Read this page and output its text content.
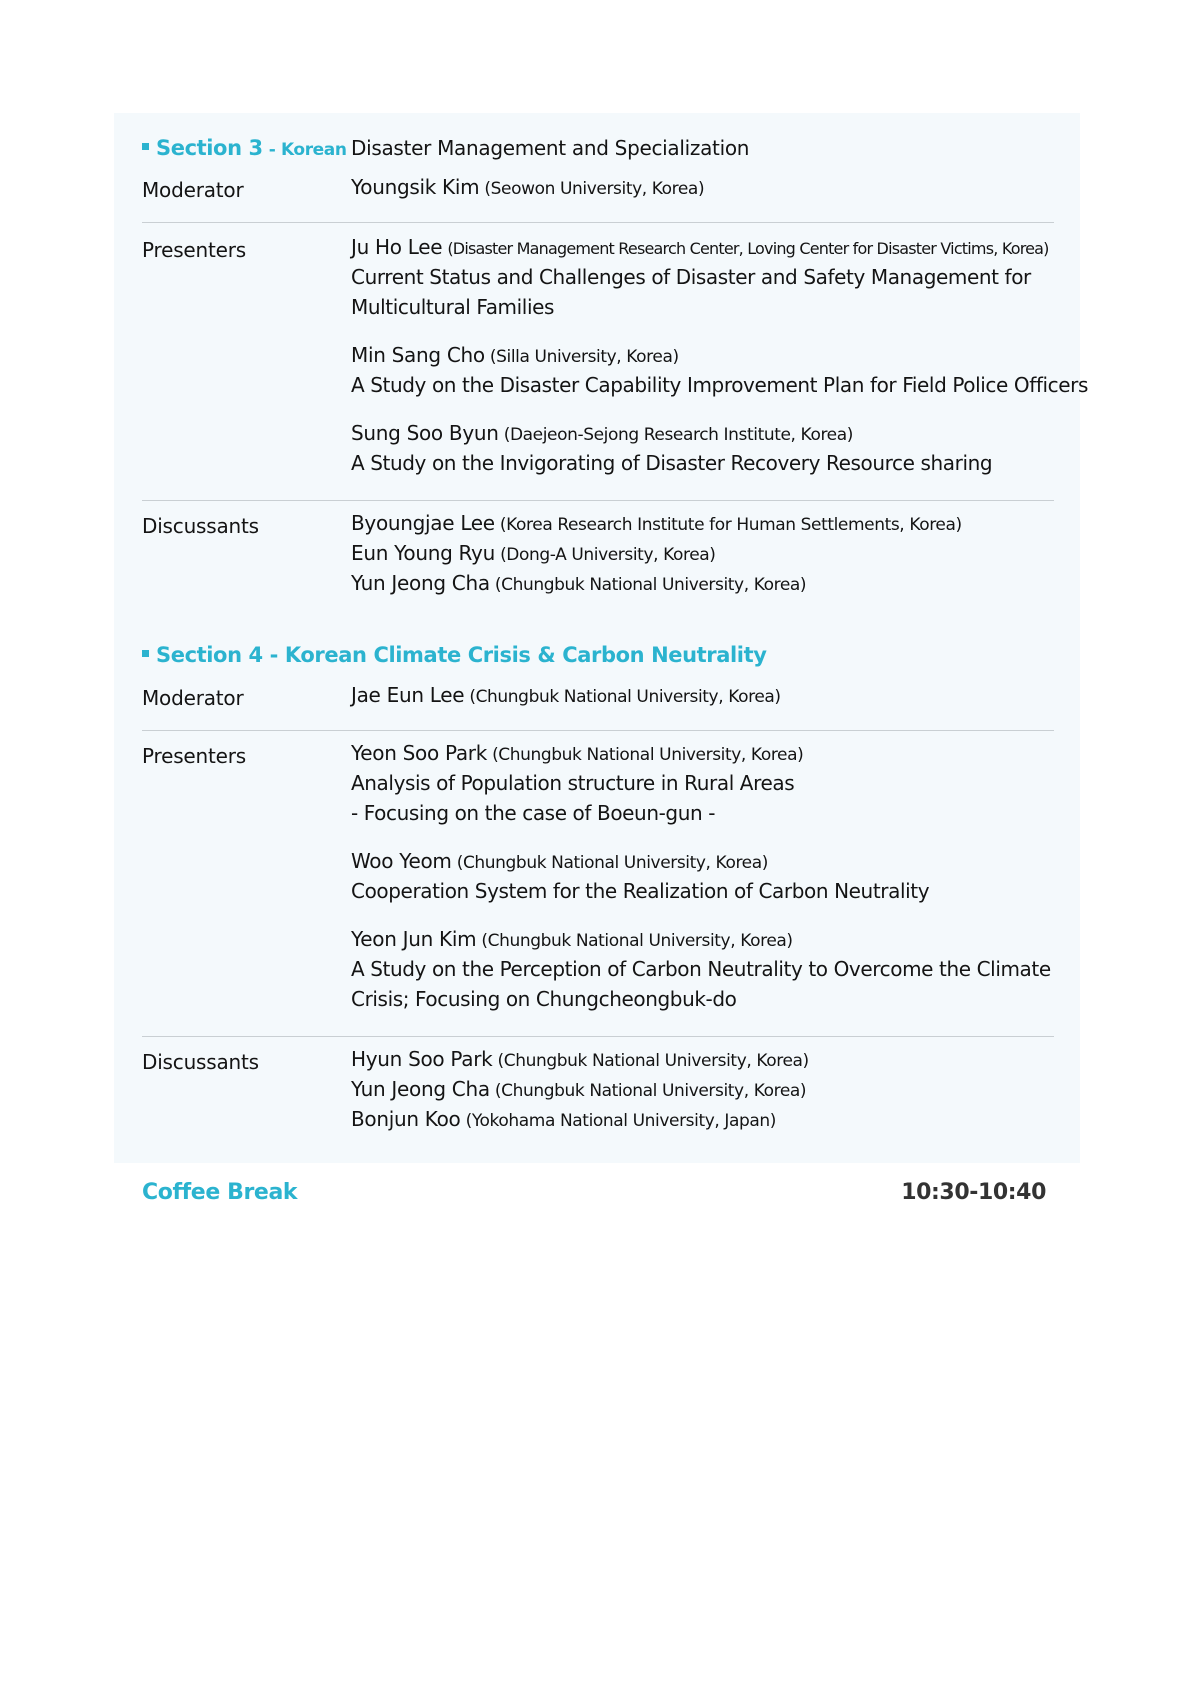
Section 3 - Korean Disaster Management and Specialization
Moderator	Youngsik Kim (Seowon University, Korea)
Presenters	Ju Ho Lee (Disaster Management Research Center, Loving Center for Disaster Victims, Korea)
Current Status and Challenges of Disaster and Safety Management for
Multicultural Families
Min Sang Cho (Silla University, Korea)
A Study on the Disaster Capability Improvement Plan for Field Police Officers
Sung Soo Byun (Daejeon-Sejong Research Institute, Korea)
A Study on the Invigorating of Disaster Recovery Resource sharing
Discussants	Byoungjae Lee (Korea Research Institute for Human Settlements, Korea)
Eun Young Ryu (Dong-A University, Korea)
Yun Jeong Cha (Chungbuk National University, Korea)
Section 4 - Korean Climate Crisis & Carbon Neutrality
Moderator	Jae Eun Lee (Chungbuk National University, Korea)
Presenters	Yeon Soo Park (Chungbuk National University, Korea)
Analysis of Population structure in Rural Areas
- Focusing on the case of Boeun-gun -
Woo Yeom (Chungbuk National University, Korea)
Cooperation System for the Realization of Carbon Neutrality
Yeon Jun Kim (Chungbuk National University, Korea)
A Study on the Perception of Carbon Neutrality to Overcome the Climate
Crisis; Focusing on Chungcheongbuk-do
Discussants	Hyun Soo Park (Chungbuk National University, Korea)
Yun Jeong Cha (Chungbuk National University, Korea)
Bonjun Koo (Yokohama National University, Japan)
Coffee Break	10:30-10:40
